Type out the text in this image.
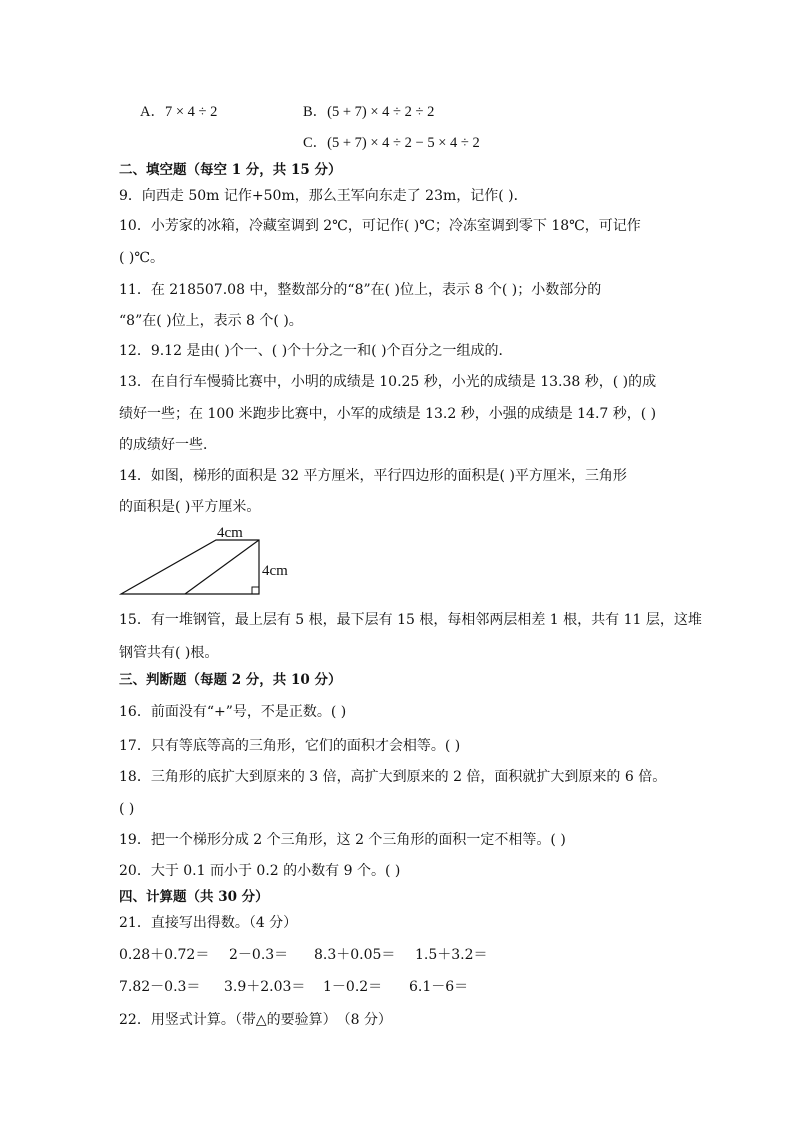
A．7 × 4 ÷ 2	B．(5 + 7) × 4 ÷ 2 ÷ 2
C．(5 + 7) × 4 ÷ 2 − 5 × 4 ÷ 2
二、填空题（每空 1 分，共 15 分）
9．向西走 50m 记作+50m，那么王军向东走了 23m，记作( )．
10．小芳家的冰箱，冷藏室调到 2℃，可记作( )℃；冷冻室调到零下 18℃，可记作
( )℃。
11．在 218507.08 中，整数部分的“8”在( )位上，表示 8 个( )；小数部分的
“8”在( )位上，表示 8 个( )。
12．9.12 是由( )个一、( )个十分之一和( )个百分之一组成的．
13．在自行车慢骑比赛中，小明的成绩是 10.25 秒，小光的成绩是 13.38 秒，( )的成
绩好一些；在 100 米跑步比赛中，小军的成绩是 13.2 秒，小强的成绩是 14.7 秒，( )
的成绩好一些．
14．如图，梯形的面积是 32 平方厘米，平行四边形的面积是( )平方厘米，三角形
的面积是( )平方厘米。
4cm
4cm
15．有一堆钢管，最上层有 5 根，最下层有 15 根，每相邻两层相差 1 根，共有 11 层，这堆
钢管共有( )根。
三、判断题（每题 2 分，共 10 分）
16．前面没有“+”号，不是正数。( )
17．只有等底等高的三角形，它们的面积才会相等。( )
18．三角形的底扩大到原来的 3 倍，高扩大到原来的 2 倍，面积就扩大到原来的 6 倍。
( )
19．把一个梯形分成 2 个三角形，这 2 个三角形的面积一定不相等。( )
20．大于 0.1 而小于 0.2 的小数有 9 个。( )
四、计算题（共 30 分）
21．直接写出得数。（4 分）
0.28＋0.72＝ 2－0.3＝ 8.3＋0.05＝ 1.5＋3.2＝
7.82－0.3＝ 3.9＋2.03＝ 1－0.2＝ 6.1－6＝
22．用竖式计算。（带△的要验算）　（8 分）
